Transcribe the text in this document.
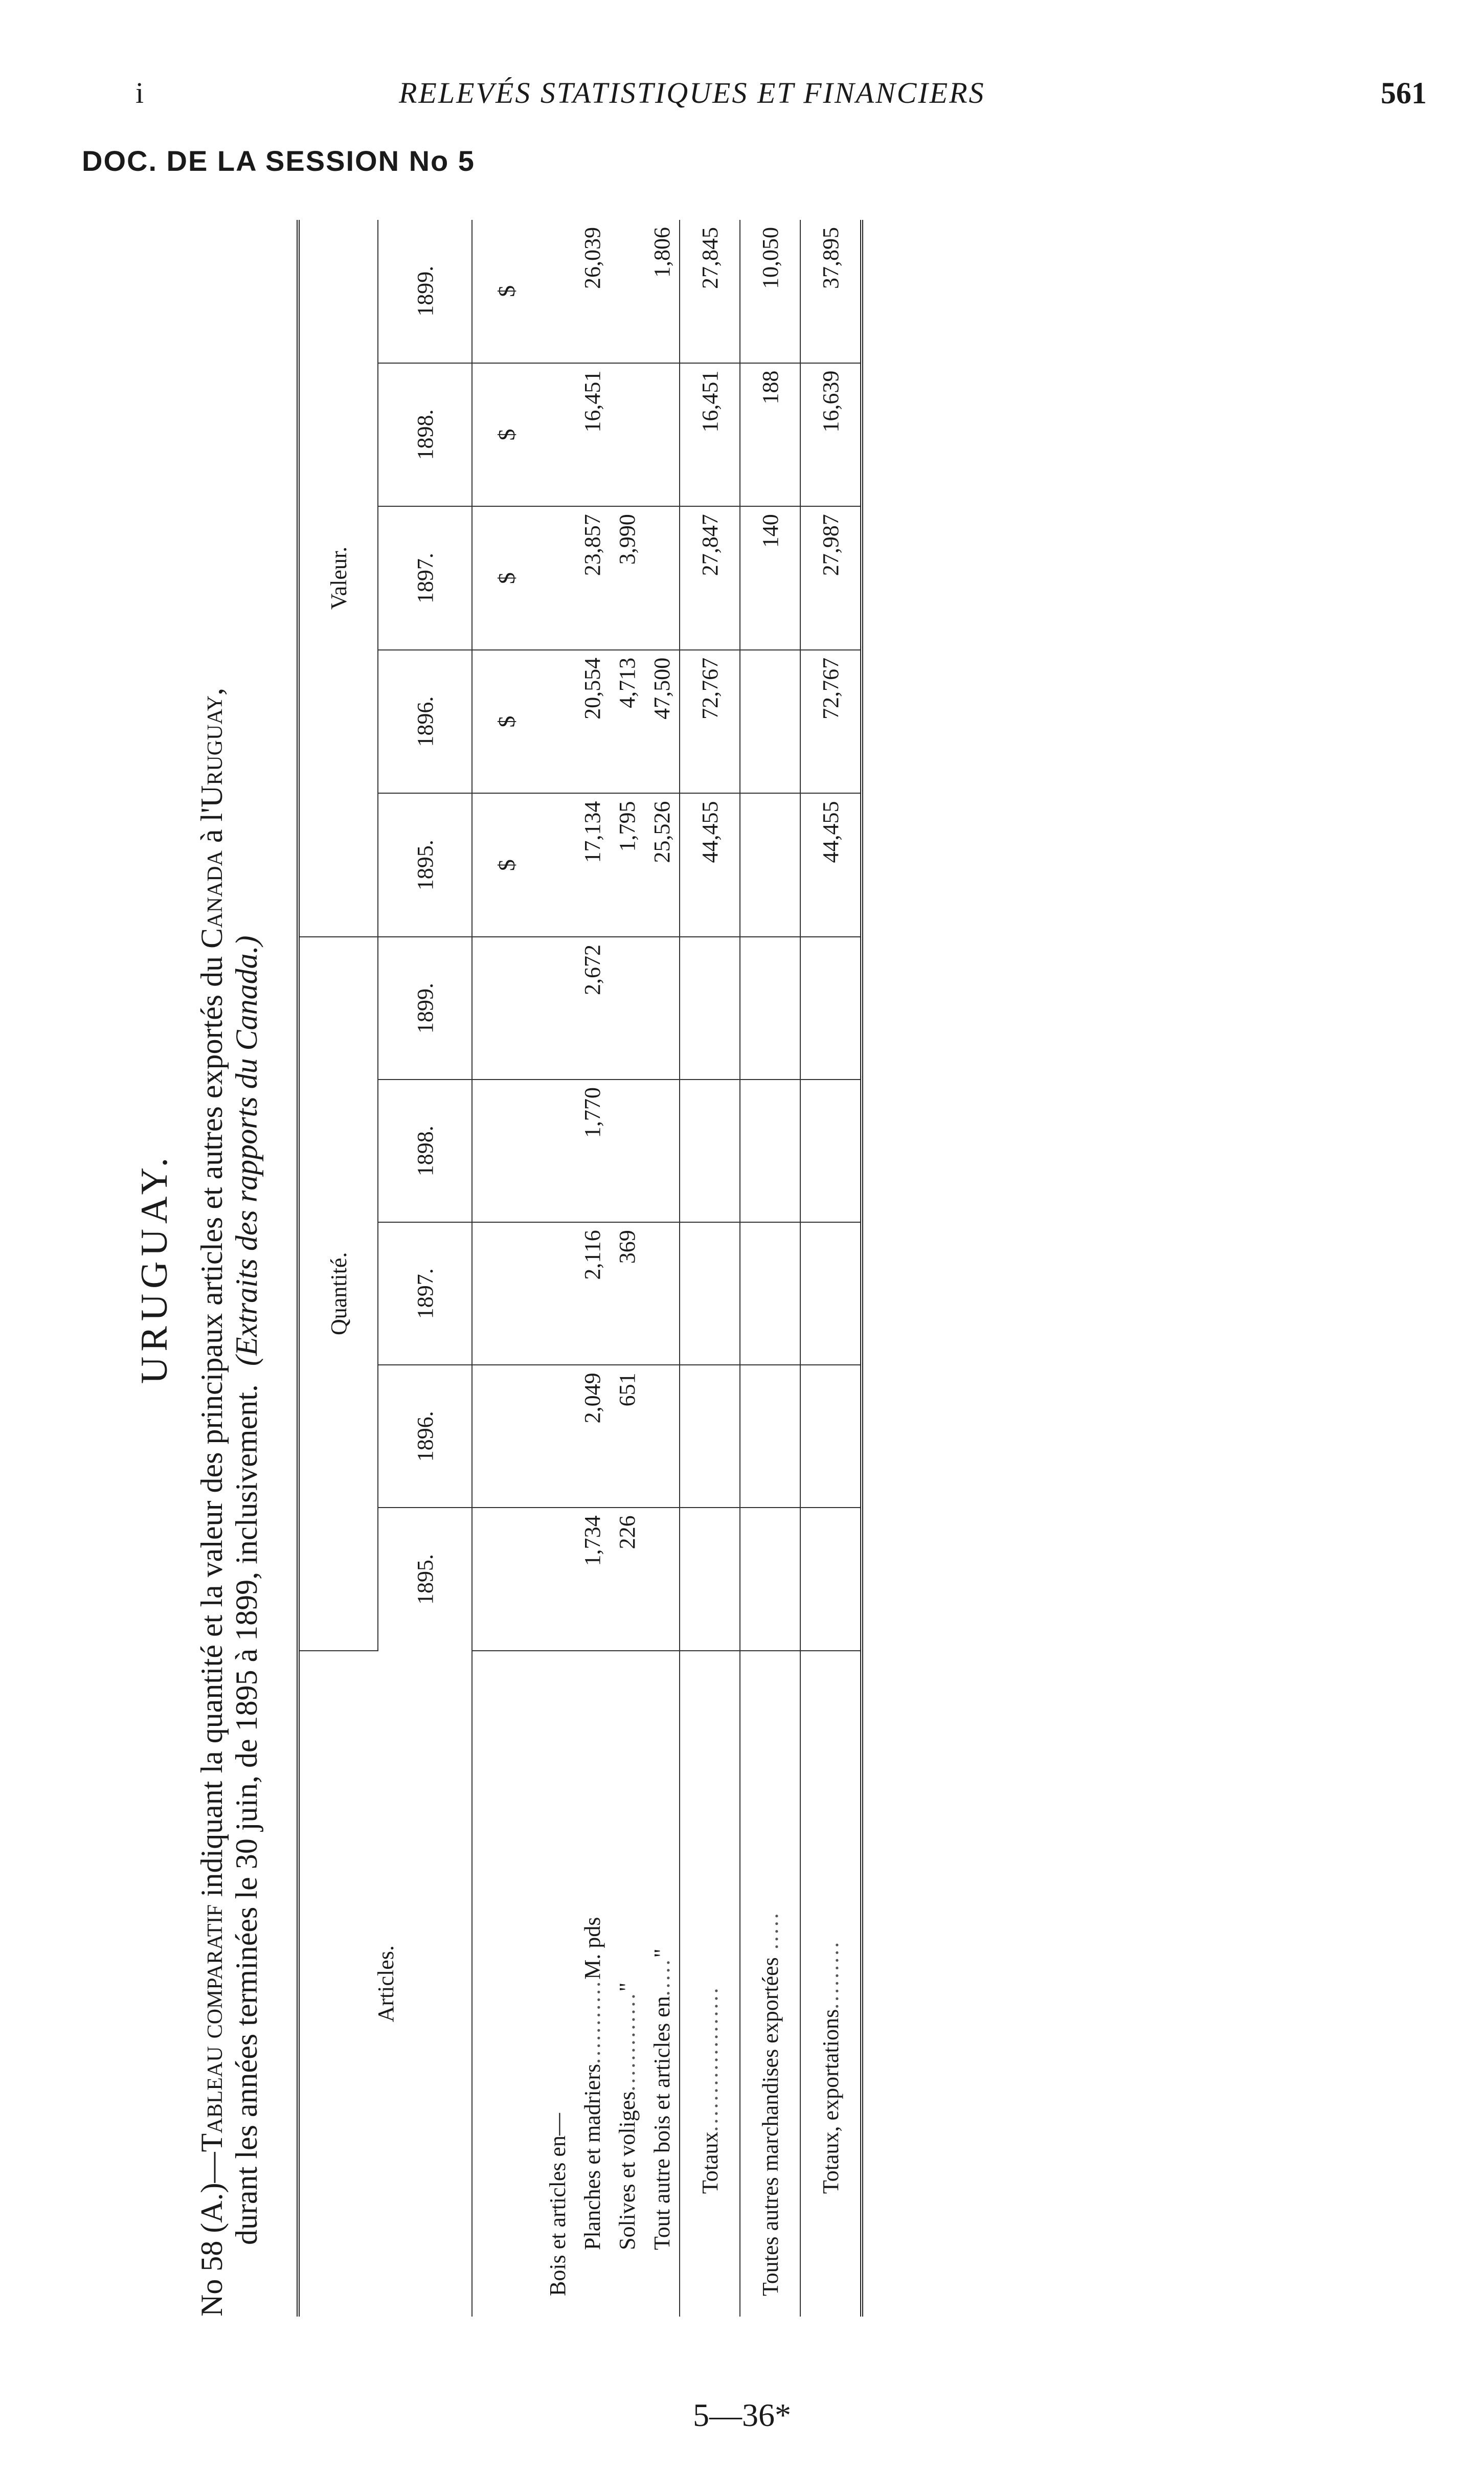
i	RELEVÉS STATISTIQUES ET FINANCIERS	561
DOC. DE LA SESSION No 5
URUGUAY.
No 58 (A.)—Tableau comparatif indiquant la quantité et la valeur des principaux articles et autres exportés du Canada à l'Uruguay,
durant les années terminées le 30 juin, de 1895 à 1899, inclusivement.(Extraits des rapports du Canada.)
Articles.	Quantité.					Valeur.				
	1895.	1896.	1897.	1898.	1899.	1895.	1896.	1897.	1898.	1899.
						$	$	$	$	$
Bois et articles en—										
Planches et madriers...........M. pds	1,734	2,049	2,116	1,770	2,672	17,134	20,554	23,857	16,451	26,039
Solives et voliges............."	226	651	369			1,795	4,713	3,990		
Tout autre bois et articles en....."						25,526	47,500			1,806
Totaux...................						44,455	72,767	27,847	16,451	27,845
Toutes autres marchandises exportées .....								140	188	10,050
Totaux, exportations.........						44,455	72,767	27,987	16,639	37,895
5—36*
